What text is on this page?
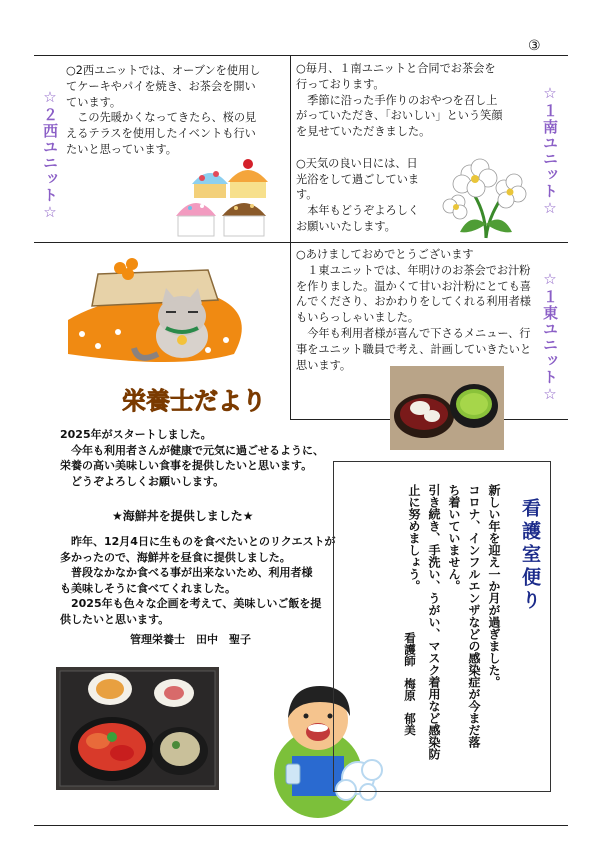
③
☆２西ユニット☆
○2西ユニットでは、オーブンを使用し
てケーキやパイを焼き、お茶会を開い
ています。
　この先暖かくなってきたら、桜の見
えるテラスを使用したイベントも行い
たいと思っています。
○毎月、１南ユニットと合同でお茶会を
行っております。
　季節に沿った手作りのおやつを召し上
がっていただき、「おいしい」という笑顔
を見せていただきました。

○天気の良い日には、日
光浴をして過ごしていま
す。
　本年もどうぞよろしく
お願いいたします。
☆１南ユニット☆
栄養士だより
○あけましておめでとうございます
　１東ユニットでは、年明けのお茶会でお汁粉
を作りました。温かくて甘いお汁粉にとても喜
んでくださり、おかわりをしてくれる利用者様
もいらっしゃいました。
　今年も利用者様が喜んで下さるメニュー、行
事をユニット職員で考え、計画していきたいと
思います。	☆１東ユニット☆
2025年がスタートしました。
　今年も利用者さんが健康で元気に過ごせるように、
栄養の高い美味しい食事を提供したいと思います。
　どうぞよろしくお願いします。
★海鮮丼を提供しました★
　昨年、12月4日に生ものを食べたいとのリクエストが
多かったので、海鮮丼を昼食に提供しました。
　普段なかなか食べる事が出来ないため、利用者様
も美味しそうに食べてくれました。
　2025年も色々な企画を考えて、美味しいご飯を提
供したいと思います。
管理栄養士　田中　聖子
看護室便り
新しい年を迎え一か月が過ぎました。
コロナ、インフルエンザなどの感染症が今まだ落
ち着いていません。
引き続き、手洗い、うがい、マスク着用など感染防
止に努めましょう。
看護師　梅原　郁美
